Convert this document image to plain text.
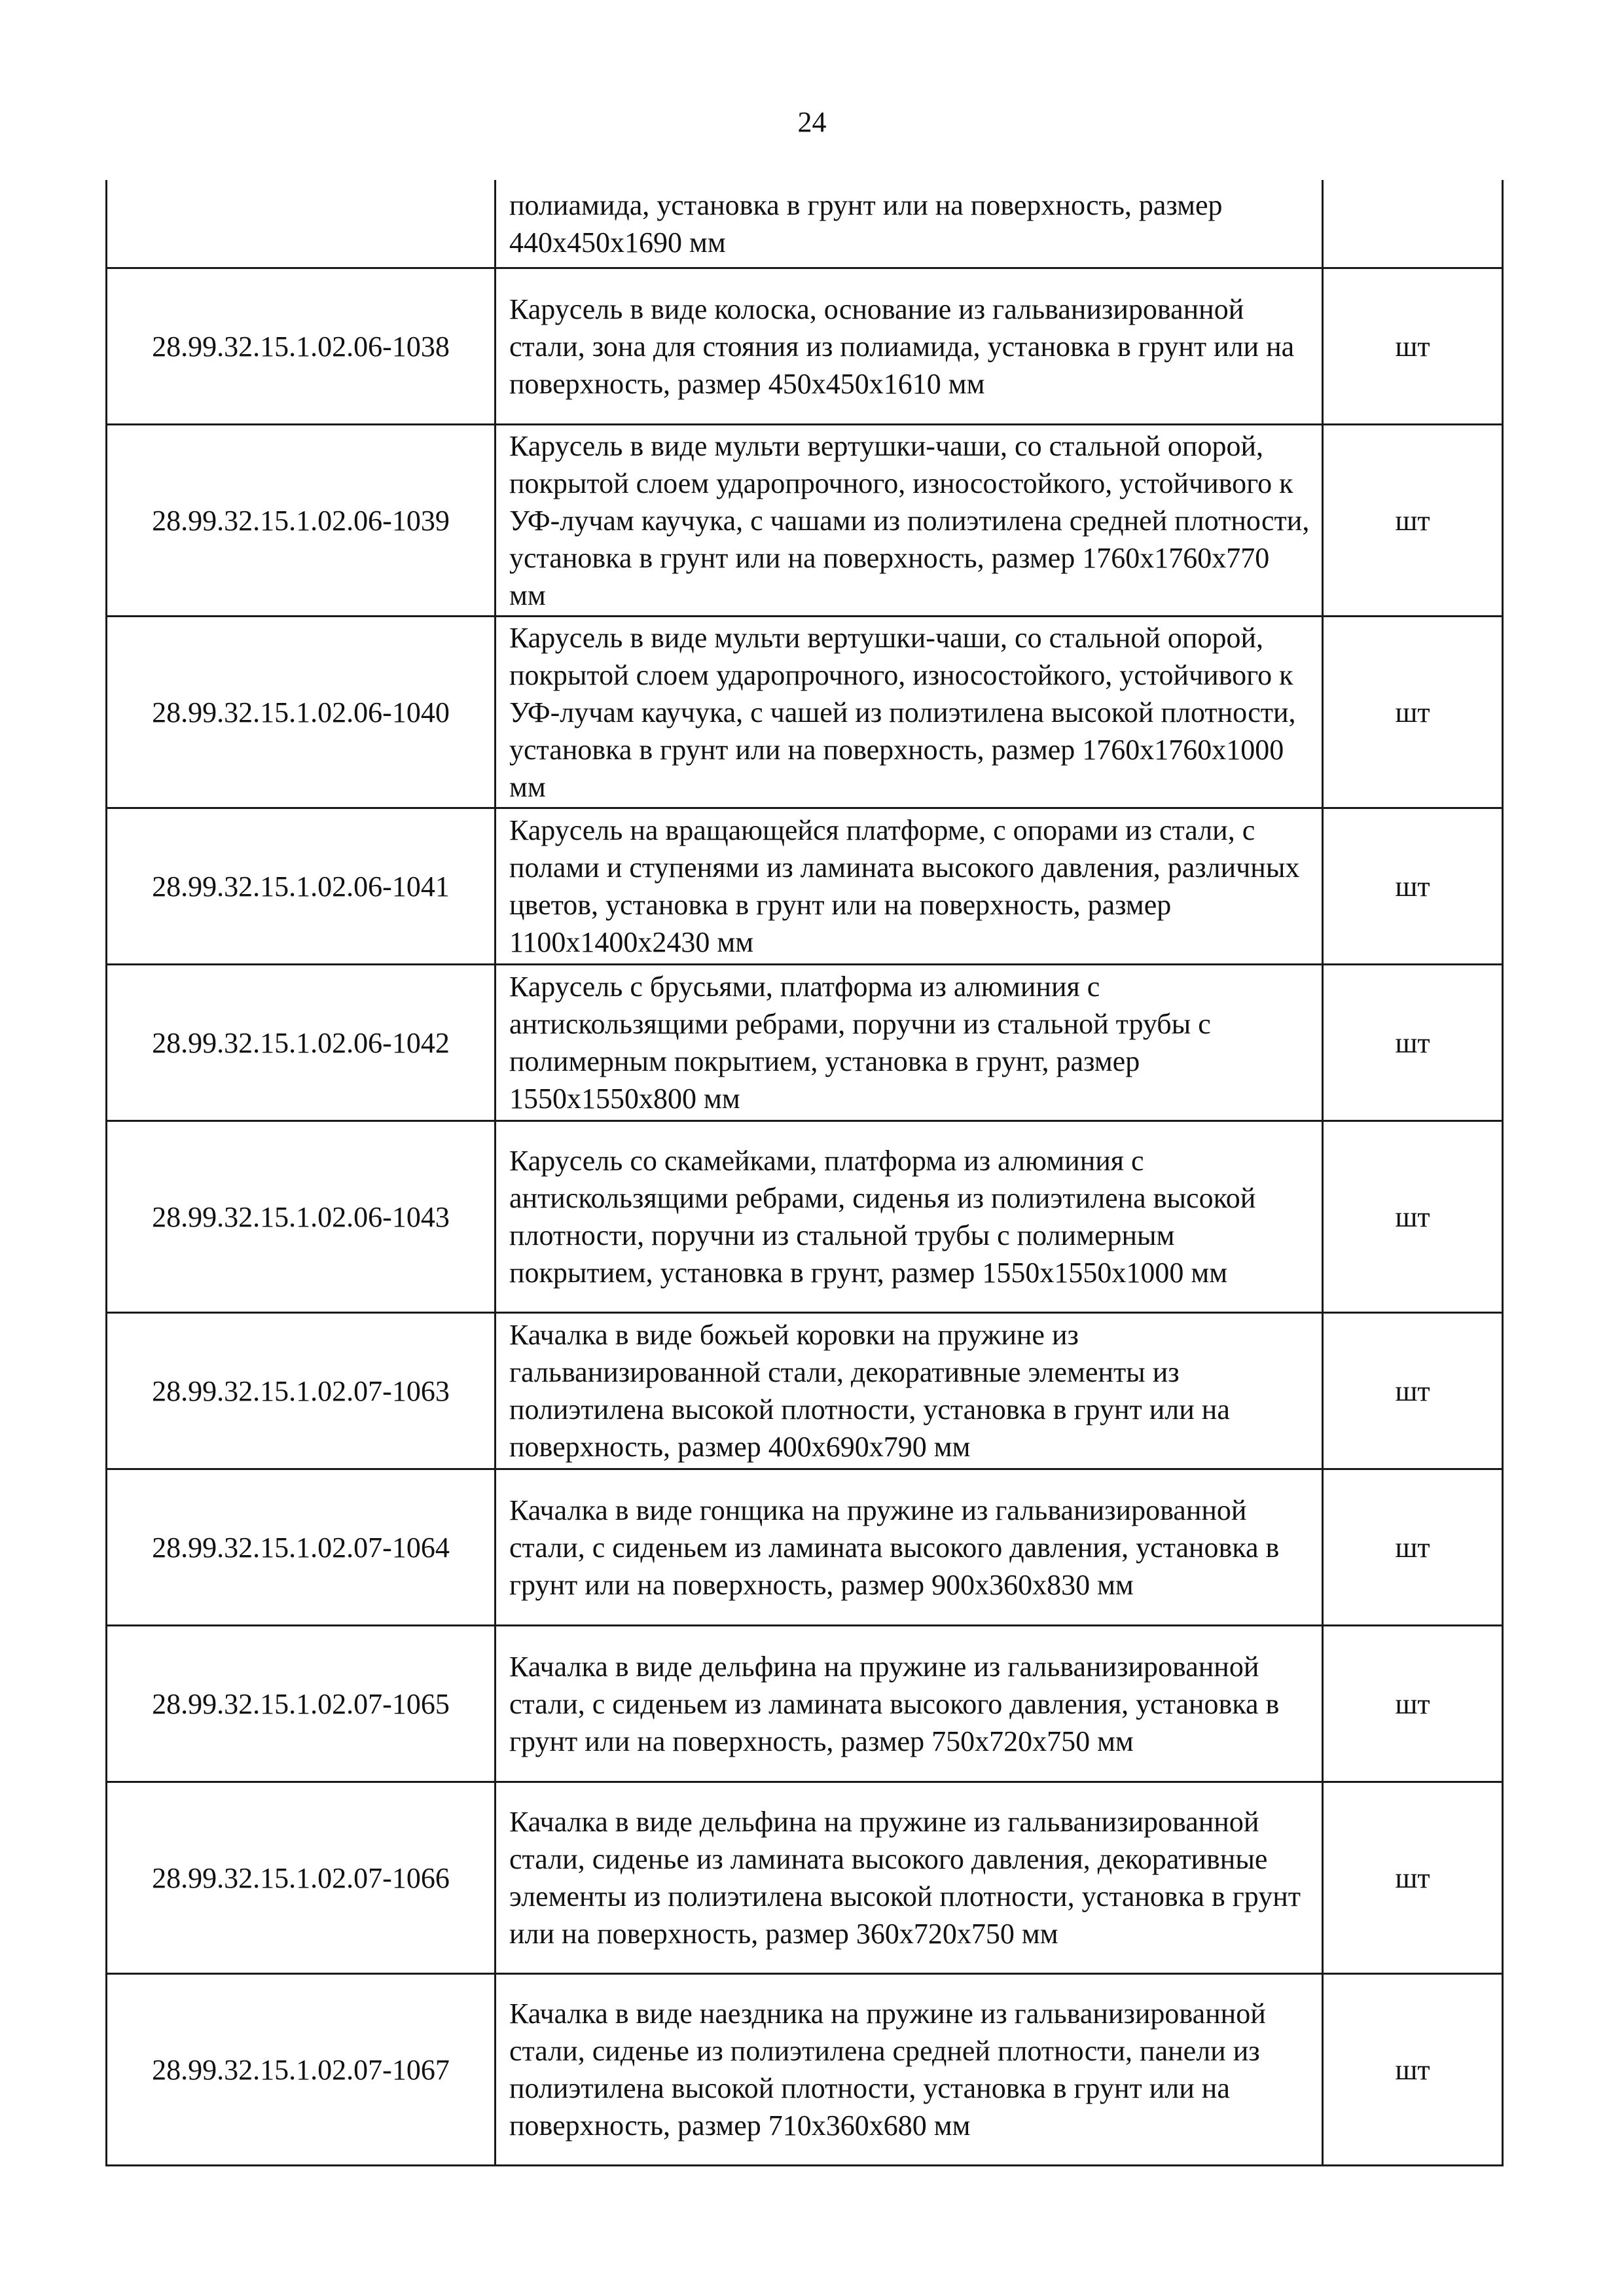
24
	полиамида, установка в грунт или на поверхность, размер 440х450х1690 мм	
28.99.32.15.1.02.06-1038	Карусель в виде колоска, основание из гальванизированной стали, зона для стояния из полиамида, установка в грунт или на поверхность, размер 450х450х1610 мм	шт
28.99.32.15.1.02.06-1039	Карусель в виде мульти вертушки-чаши, со стальной опорой, покрытой слоем ударопрочного, износостойкого, устойчивого к УФ-лучам каучука, с чашами из полиэтилена средней плотности, установка в грунт или на поверхность, размер 1760х1760х770 мм	шт
28.99.32.15.1.02.06-1040	Карусель в виде мульти вертушки-чаши, со стальной опорой, покрытой слоем ударопрочного, износостойкого, устойчивого к УФ-лучам каучука, с чашей из полиэтилена высокой плотности, установка в грунт или на поверхность, размер 1760х1760х1000 мм	шт
28.99.32.15.1.02.06-1041	Карусель на вращающейся платформе, с опорами из стали, с полами и ступенями из ламината высокого давления, различных цветов, установка в грунт или на поверхность, размер 1100х1400х2430 мм	шт
28.99.32.15.1.02.06-1042	Карусель с брусьями, платформа из алюминия с антискользящими ребрами, поручни из стальной трубы с полимерным покрытием, установка в грунт, размер 1550х1550х800 мм	шт
28.99.32.15.1.02.06-1043	Карусель со скамейками, платформа из алюминия с антискользящими ребрами, сиденья из полиэтилена высокой плотности, поручни из стальной трубы с полимерным покрытием, установка в грунт, размер 1550х1550х1000 мм	шт
28.99.32.15.1.02.07-1063	Качалка в виде божьей коровки на пружине из гальванизированной стали, декоративные элементы из полиэтилена высокой плотности, установка в грунт или на поверхность, размер 400х690х790 мм	шт
28.99.32.15.1.02.07-1064	Качалка в виде гонщика на пружине из гальванизированной стали, с сиденьем из ламината высокого давления, установка в грунт или на поверхность, размер 900х360х830 мм	шт
28.99.32.15.1.02.07-1065	Качалка в виде дельфина на пружине из гальванизированной стали, с сиденьем из ламината высокого давления, установка в грунт или на поверхность, размер 750х720х750 мм	шт
28.99.32.15.1.02.07-1066	Качалка в виде дельфина на пружине из гальванизированной стали, сиденье из ламината высокого давления, декоративные элементы из полиэтилена высокой плотности, установка в грунт или на поверхность, размер 360х720х750 мм	шт
28.99.32.15.1.02.07-1067	Качалка в виде наездника на пружине из гальванизированной стали, сиденье из полиэтилена средней плотности, панели из полиэтилена высокой плотности, установка в грунт или на поверхность, размер 710х360х680 мм	шт
